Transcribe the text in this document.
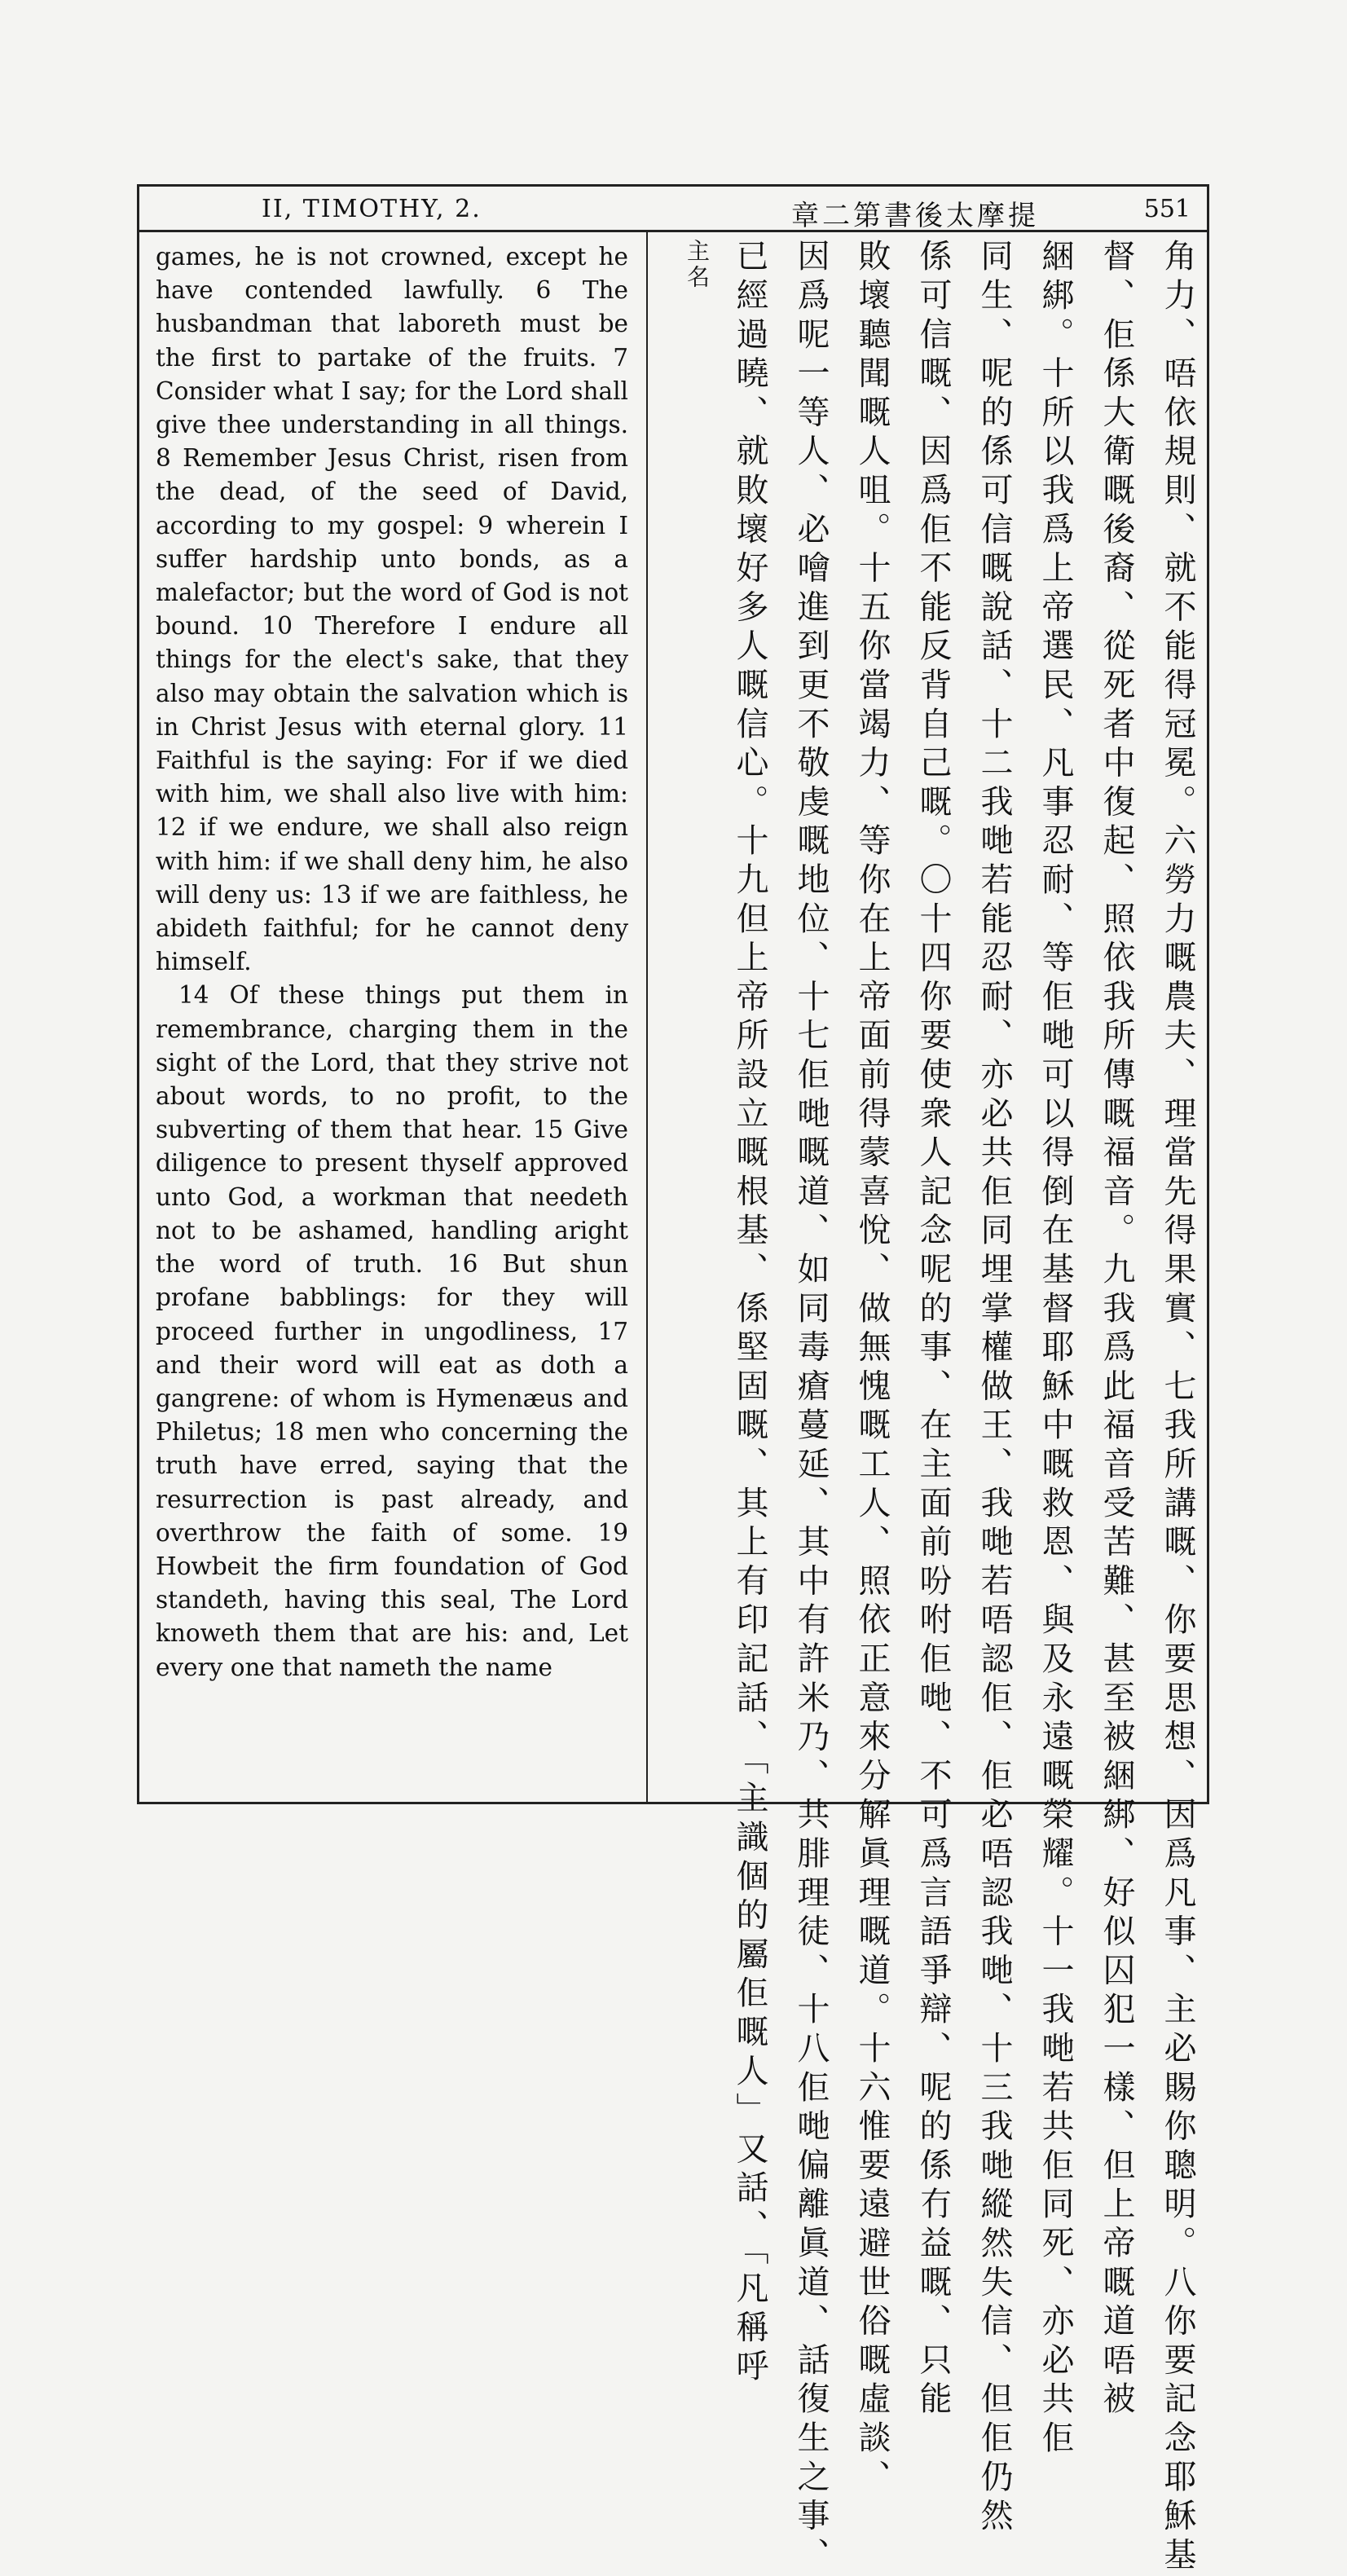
II, TIMOTHY, 2.	章二第書後太摩提	551

games, he is not crowned, except he have contended lawfully. 6 The husbandman that laboreth must be the first to partake of the fruits. 7 Consider what I say; for the Lord shall give thee understanding in all things. 8 Remember Jesus Christ, risen from the dead, of the seed of David, according to my gospel: 9 wherein I suffer hardship unto bonds, as a malefactor; but the word of God is not bound. 10 Therefore I endure all things for the elect's sake, that they also may obtain the salvation which is in Christ Jesus with eternal glory. 11 Faithful is the saying: For if we died with him, we shall also live with him: 12 if we endure, we shall also reign with him: if we shall deny him, he also will deny us: 13 if we are faithless, he abideth faithful; for he cannot deny himself.

14 Of these things put them in remembrance, charging them in the sight of the Lord, that they strive not about words, to no profit, to the subverting of them that hear. 15 Give diligence to present thyself approved unto God, a workman that needeth not to be ashamed, handling aright the word of truth. 16 But shun profane babblings: for they will proceed further in ungodliness, 17 and their word will eat as doth a gangrene: of whom is Hymenæus and Philetus; 18 men who concerning the truth have erred, saying that the resurrection is past already, and overthrow the faith of some. 19 Howbeit the firm foundation of God standeth, having this seal, The Lord knoweth them that are his: and, Let every one that nameth the name	角力、唔依規則、就不能得冠冕。六勞力嘅農夫、理當先得果實、七我所講嘅、你要思想、因爲凡事、主必賜你聰明。八你要記念耶穌基
督、佢係大衛嘅後裔、從死者中復起、照依我所傳嘅福音。九我爲此福音受苦難、甚至被綑綁、好似囚犯一樣、但上帝嘅道唔被
綑綁。十所以我爲上帝選民、凡事忍耐、等佢哋可以得倒在基督耶穌中嘅救恩、與及永遠嘅榮耀。十一我哋若共佢同死、亦必共佢
同生、呢的係可信嘅說話、十二我哋若能忍耐、亦必共佢同埋掌權做王、我哋若唔認佢、佢必唔認我哋、十三我哋縱然失信、但佢仍然
係可信嘅、因爲佢不能反背自己嘅。〇十四你要使衆人記念呢的事、在主面前吩咐佢哋、不可爲言語爭辯、呢的係冇益嘅、只能
敗壞聽聞嘅人咀。十五你當竭力、等你在上帝面前得蒙喜悅、做無愧嘅工人、照依正意來分解眞理嘅道。十六惟要遠避世俗嘅虛談、
因爲呢一等人、必噲進到更不敬虔嘅地位、十七佢哋嘅道、如同毒瘡蔓延、其中有許米乃、共腓理徒、十八佢哋偏離眞道、話復生之事、
已經過曉、就敗壞好多人嘅信心。十九但上帝所設立嘅根基、係堅固嘅、其上有印記話、「主識個的屬佢嘅人」又話、「凡稱呼
主名
